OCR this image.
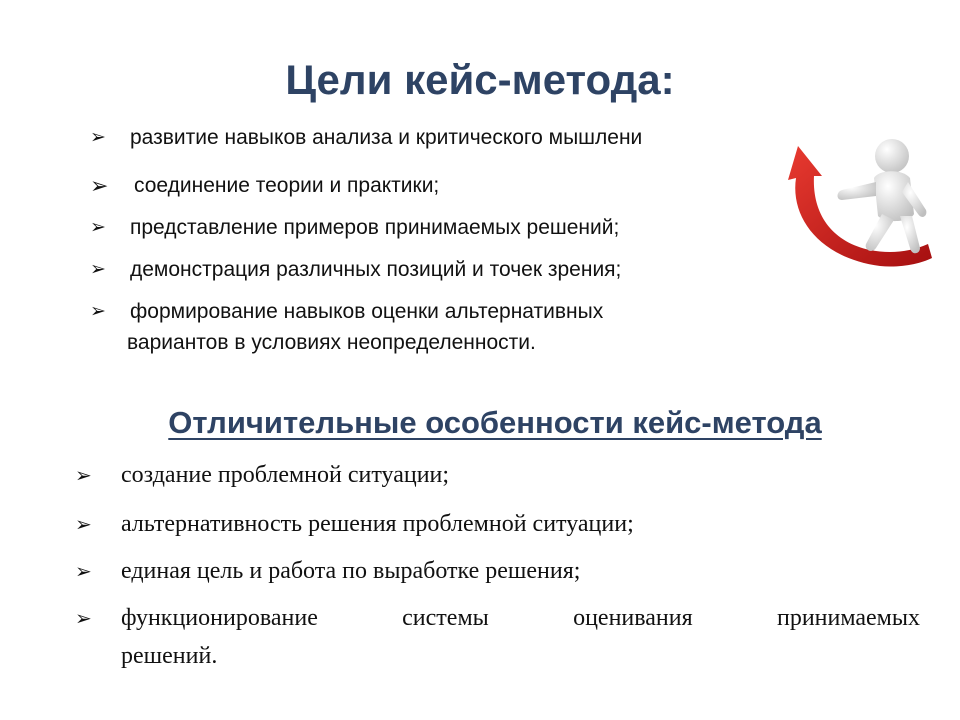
Цели кейс-метода:
➢ развитие навыков анализа и критического мышлени
➢ соединение теории и практики;
➢ представление примеров принимаемых решений;
➢ демонстрация различных позиций и точек зрения;
➢ формирование навыков оценки альтернативных
вариантов в условиях неопределенности.
Отличительные особенности кейс-метода
➢ создание проблемной ситуации;
➢ альтернативность решения проблемной ситуации;
➢ единая цель и работа по выработке решения;
➢ функционирование	системы	оценивания	принимаемых
решений.
